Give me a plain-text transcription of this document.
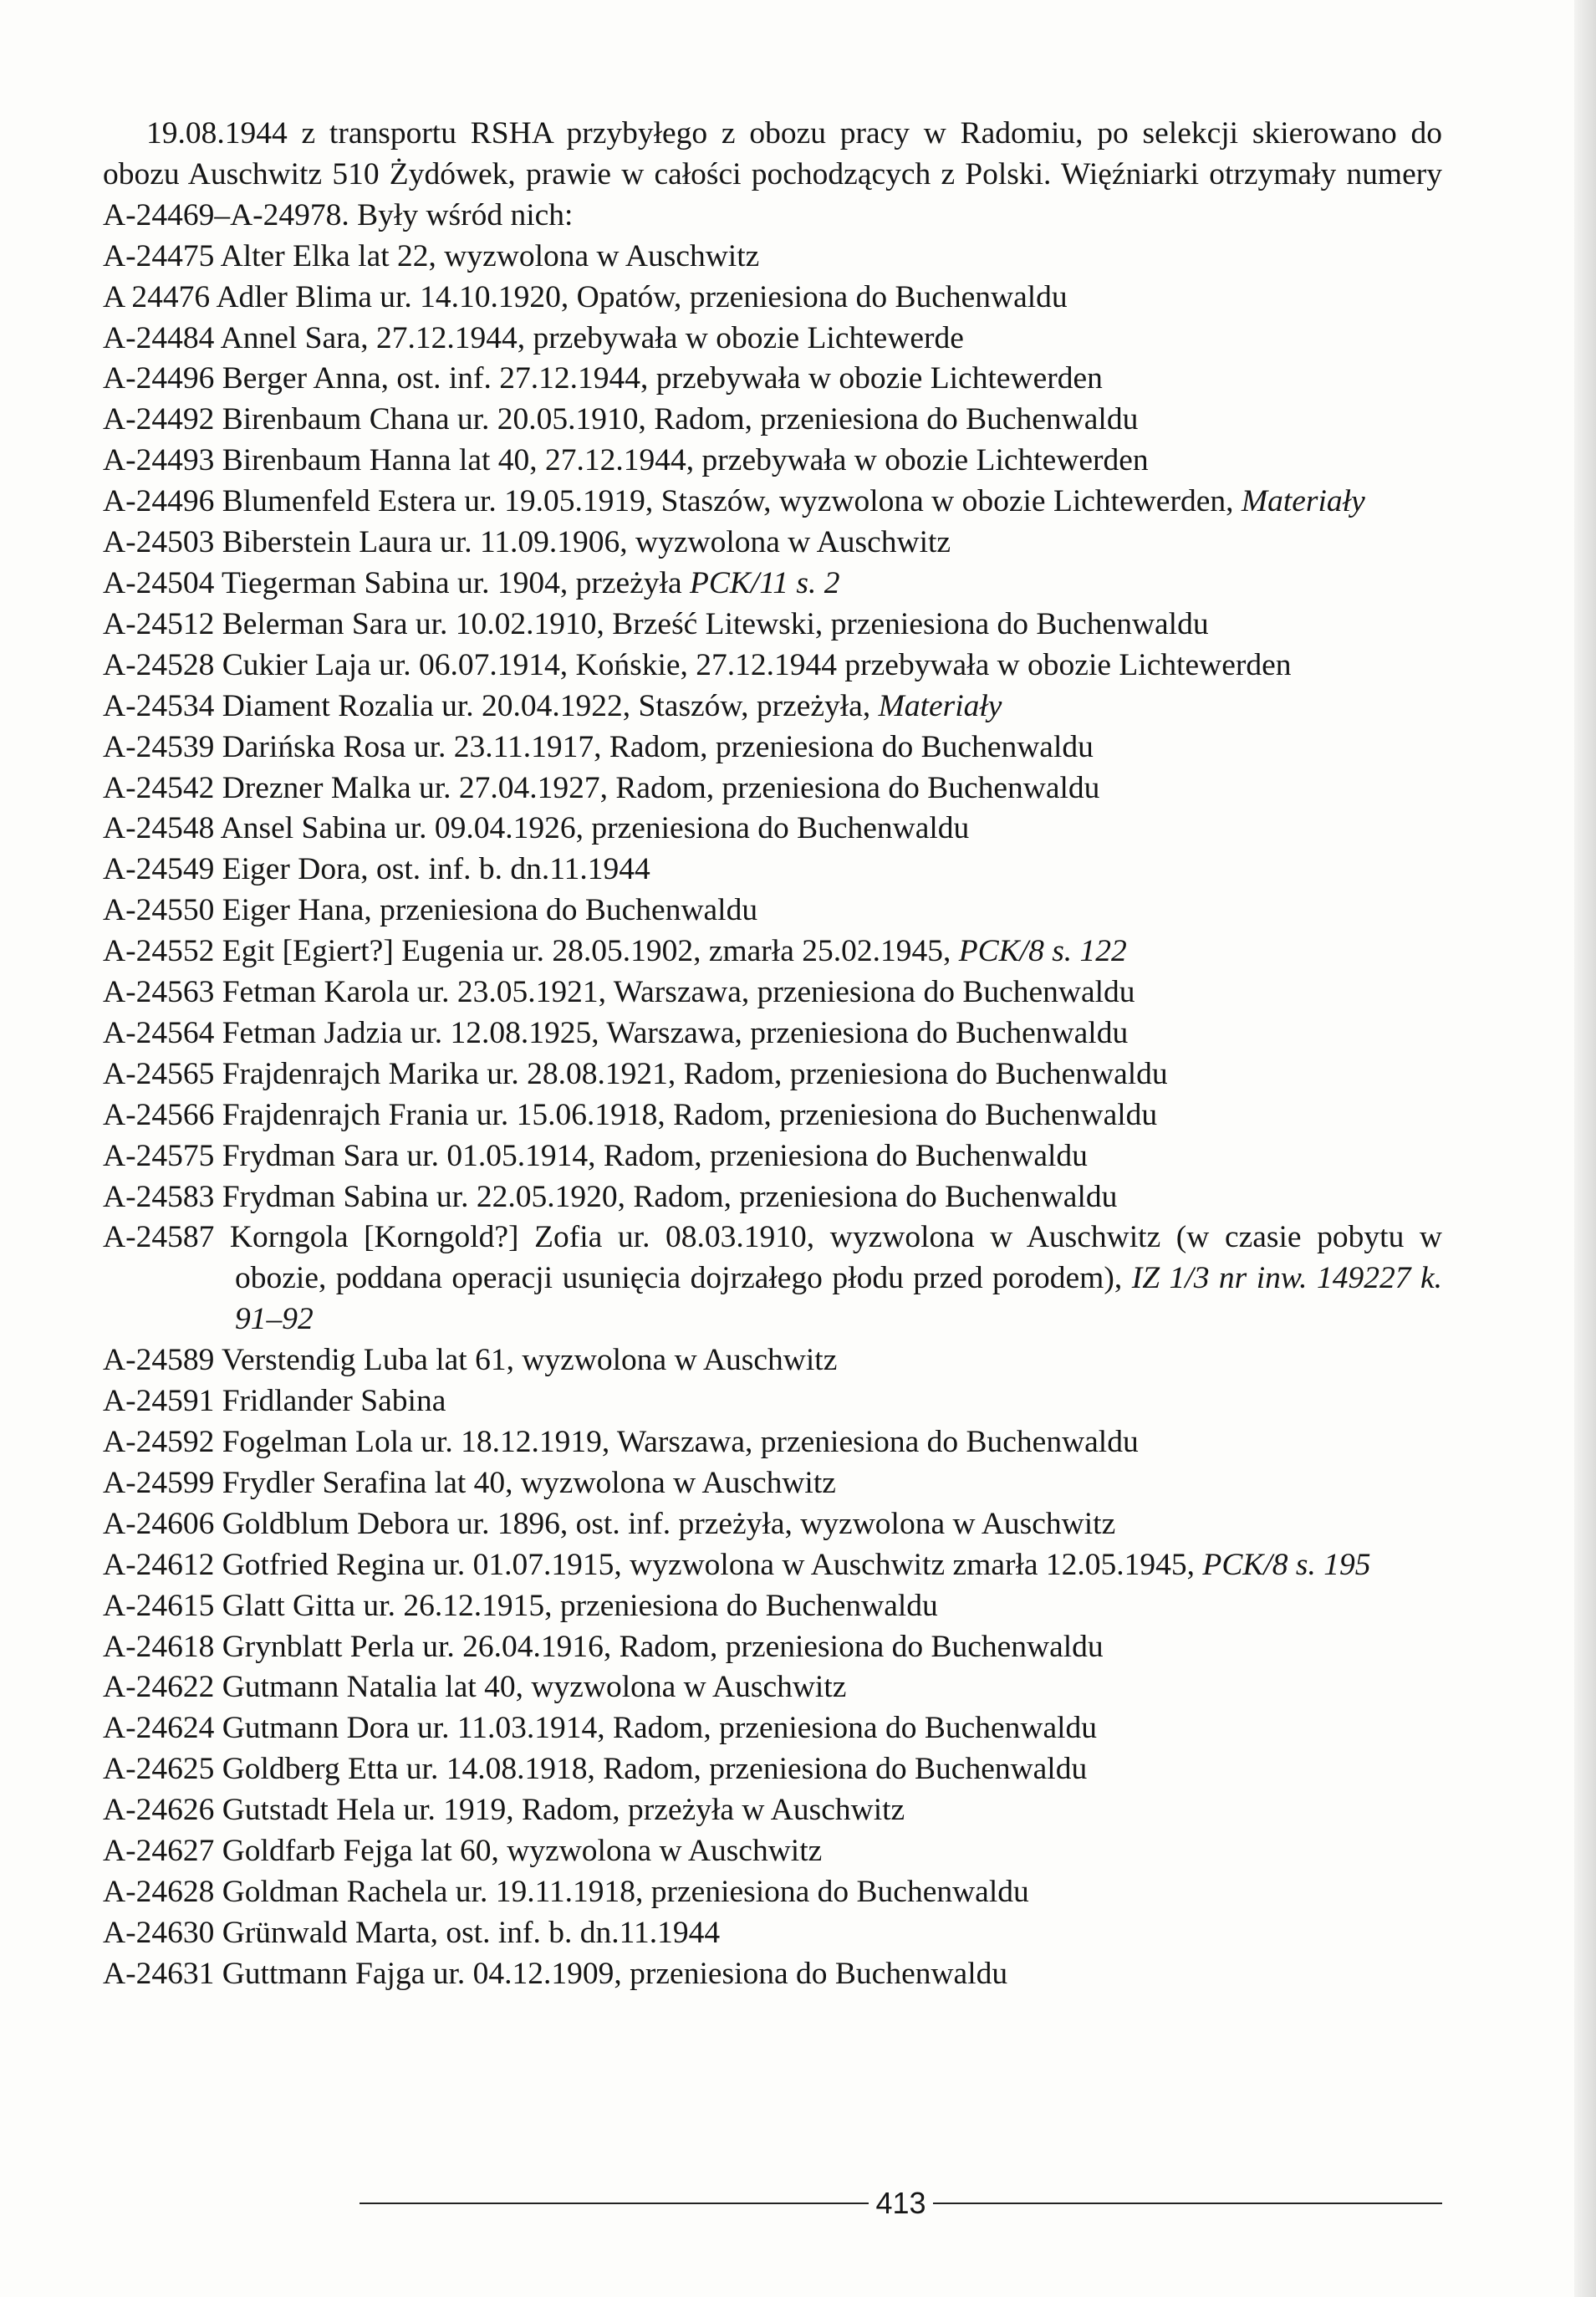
19.08.1944 z transportu RSHA przybyłego z obozu pracy w Radomiu, po selekcji skierowano do obozu Auschwitz 510 Żydówek, prawie w całości pochodzących z Polski. Więźniarki otrzymały numery A-24469–A-24978. Były wśród nich:

A-24475 Alter Elka lat 22, wyzwolona w Auschwitz

A 24476 Adler Blima ur. 14.10.1920, Opatów, przeniesiona do Buchenwaldu

A-24484 Annel Sara, 27.12.1944, przebywała w obozie Lichtewerde

A-24496 Berger Anna, ost. inf. 27.12.1944, przebywała w obozie Lichtewerden

A-24492 Birenbaum Chana ur. 20.05.1910, Radom, przeniesiona do Buchenwaldu

A-24493 Birenbaum Hanna lat 40, 27.12.1944, przebywała w obozie Lichtewerden

A-24496 Blumenfeld Estera ur. 19.05.1919, Staszów, wyzwolona w obozie Lichtewerden, Materiały

A-24503 Biberstein Laura ur. 11.09.1906, wyzwolona w Auschwitz

A-24504 Tiegerman Sabina ur. 1904, przeżyła PCK/11 s. 2

A-24512 Belerman Sara ur. 10.02.1910, Brześć Litewski, przeniesiona do Buchenwaldu

A-24528 Cukier Laja ur. 06.07.1914, Końskie, 27.12.1944 przebywała w obozie Lichtewerden

A-24534 Diament Rozalia ur. 20.04.1922, Staszów, przeżyła, Materiały

A-24539 Darińska Rosa ur. 23.11.1917, Radom, przeniesiona do Buchenwaldu

A-24542 Drezner Malka ur. 27.04.1927, Radom, przeniesiona do Buchenwaldu

A-24548 Ansel Sabina ur. 09.04.1926, przeniesiona do Buchenwaldu

A-24549 Eiger Dora, ost. inf. b. dn.11.1944

A-24550 Eiger Hana, przeniesiona do Buchenwaldu

A-24552 Egit [Egiert?] Eugenia ur. 28.05.1902, zmarła 25.02.1945, PCK/8 s. 122

A-24563 Fetman Karola ur. 23.05.1921, Warszawa, przeniesiona do Buchenwaldu

A-24564 Fetman Jadzia ur. 12.08.1925, Warszawa, przeniesiona do Buchenwaldu

A-24565 Frajdenrajch Marika ur. 28.08.1921, Radom, przeniesiona do Buchenwaldu

A-24566 Frajdenrajch Frania ur. 15.06.1918, Radom, przeniesiona do Buchenwaldu

A-24575 Frydman Sara ur. 01.05.1914, Radom, przeniesiona do Buchenwaldu

A-24583 Frydman Sabina ur. 22.05.1920, Radom, przeniesiona do Buchenwaldu

A-24587 Korngola [Korngold?] Zofia ur. 08.03.1910, wyzwolona w Auschwitz (w czasie pobytu w obozie, poddana operacji usunięcia dojrzałego płodu przed porodem), IZ 1/3 nr inw. 149227 k. 91–92

A-24589 Verstendig Luba lat 61, wyzwolona w Auschwitz

A-24591 Fridlander Sabina

A-24592 Fogelman Lola ur. 18.12.1919, Warszawa, przeniesiona do Buchenwaldu

A-24599 Frydler Serafina lat 40, wyzwolona w Auschwitz

A-24606 Goldblum Debora ur. 1896, ost. inf. przeżyła, wyzwolona w Auschwitz

A-24612 Gotfried Regina ur. 01.07.1915, wyzwolona w Auschwitz zmarła 12.05.1945, PCK/8 s. 195

A-24615 Glatt Gitta ur. 26.12.1915, przeniesiona do Buchenwaldu

A-24618 Grynblatt Perla ur. 26.04.1916, Radom, przeniesiona do Buchenwaldu

A-24622 Gutmann Natalia lat 40, wyzwolona w Auschwitz

A-24624 Gutmann Dora ur. 11.03.1914, Radom, przeniesiona do Buchenwaldu

A-24625 Goldberg Etta ur. 14.08.1918, Radom, przeniesiona do Buchenwaldu

A-24626 Gutstadt Hela ur. 1919, Radom, przeżyła w Auschwitz

A-24627 Goldfarb Fejga lat 60, wyzwolona w Auschwitz

A-24628 Goldman Rachela ur. 19.11.1918, przeniesiona do Buchenwaldu

A-24630 Grünwald Marta, ost. inf. b. dn.11.1944

A-24631 Guttmann Fajga ur. 04.12.1909, przeniesiona do Buchenwaldu

413
